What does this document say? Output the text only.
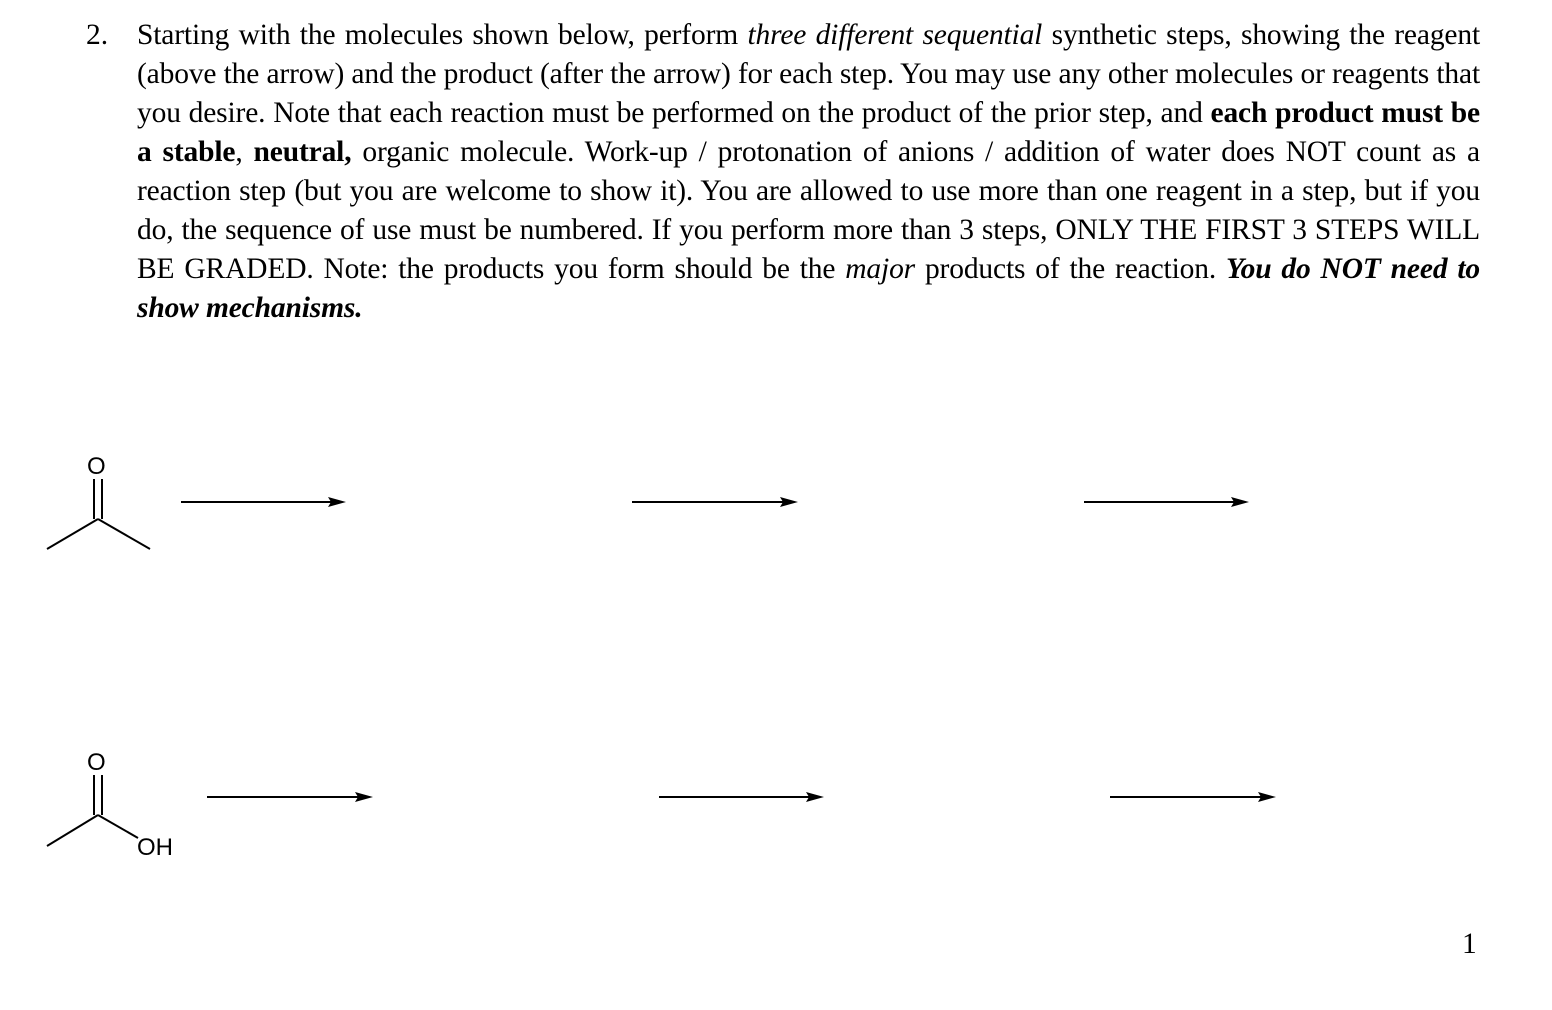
2. Starting with the molecules shown below, perform three different sequential synthetic steps, showing the reagent (above the arrow) and the product (after the arrow) for each step. You may use any other molecules or reagents that you desire. Note that each reaction must be performed on the product of the prior step, and each product must be a stable, neutral, organic molecule. Work-up / protonation of anions / addition of water does NOT count as a reaction step (but you are welcome to show it). You are allowed to use more than one reagent in a step, but if you do, the sequence of use must be numbered. If you perform more than 3 steps, ONLY THE FIRST 3 STEPS WILL BE GRADED. Note: the products you form should be the major products of the reaction. You do NOT need to show mechanisms.
O
O
OH
1
